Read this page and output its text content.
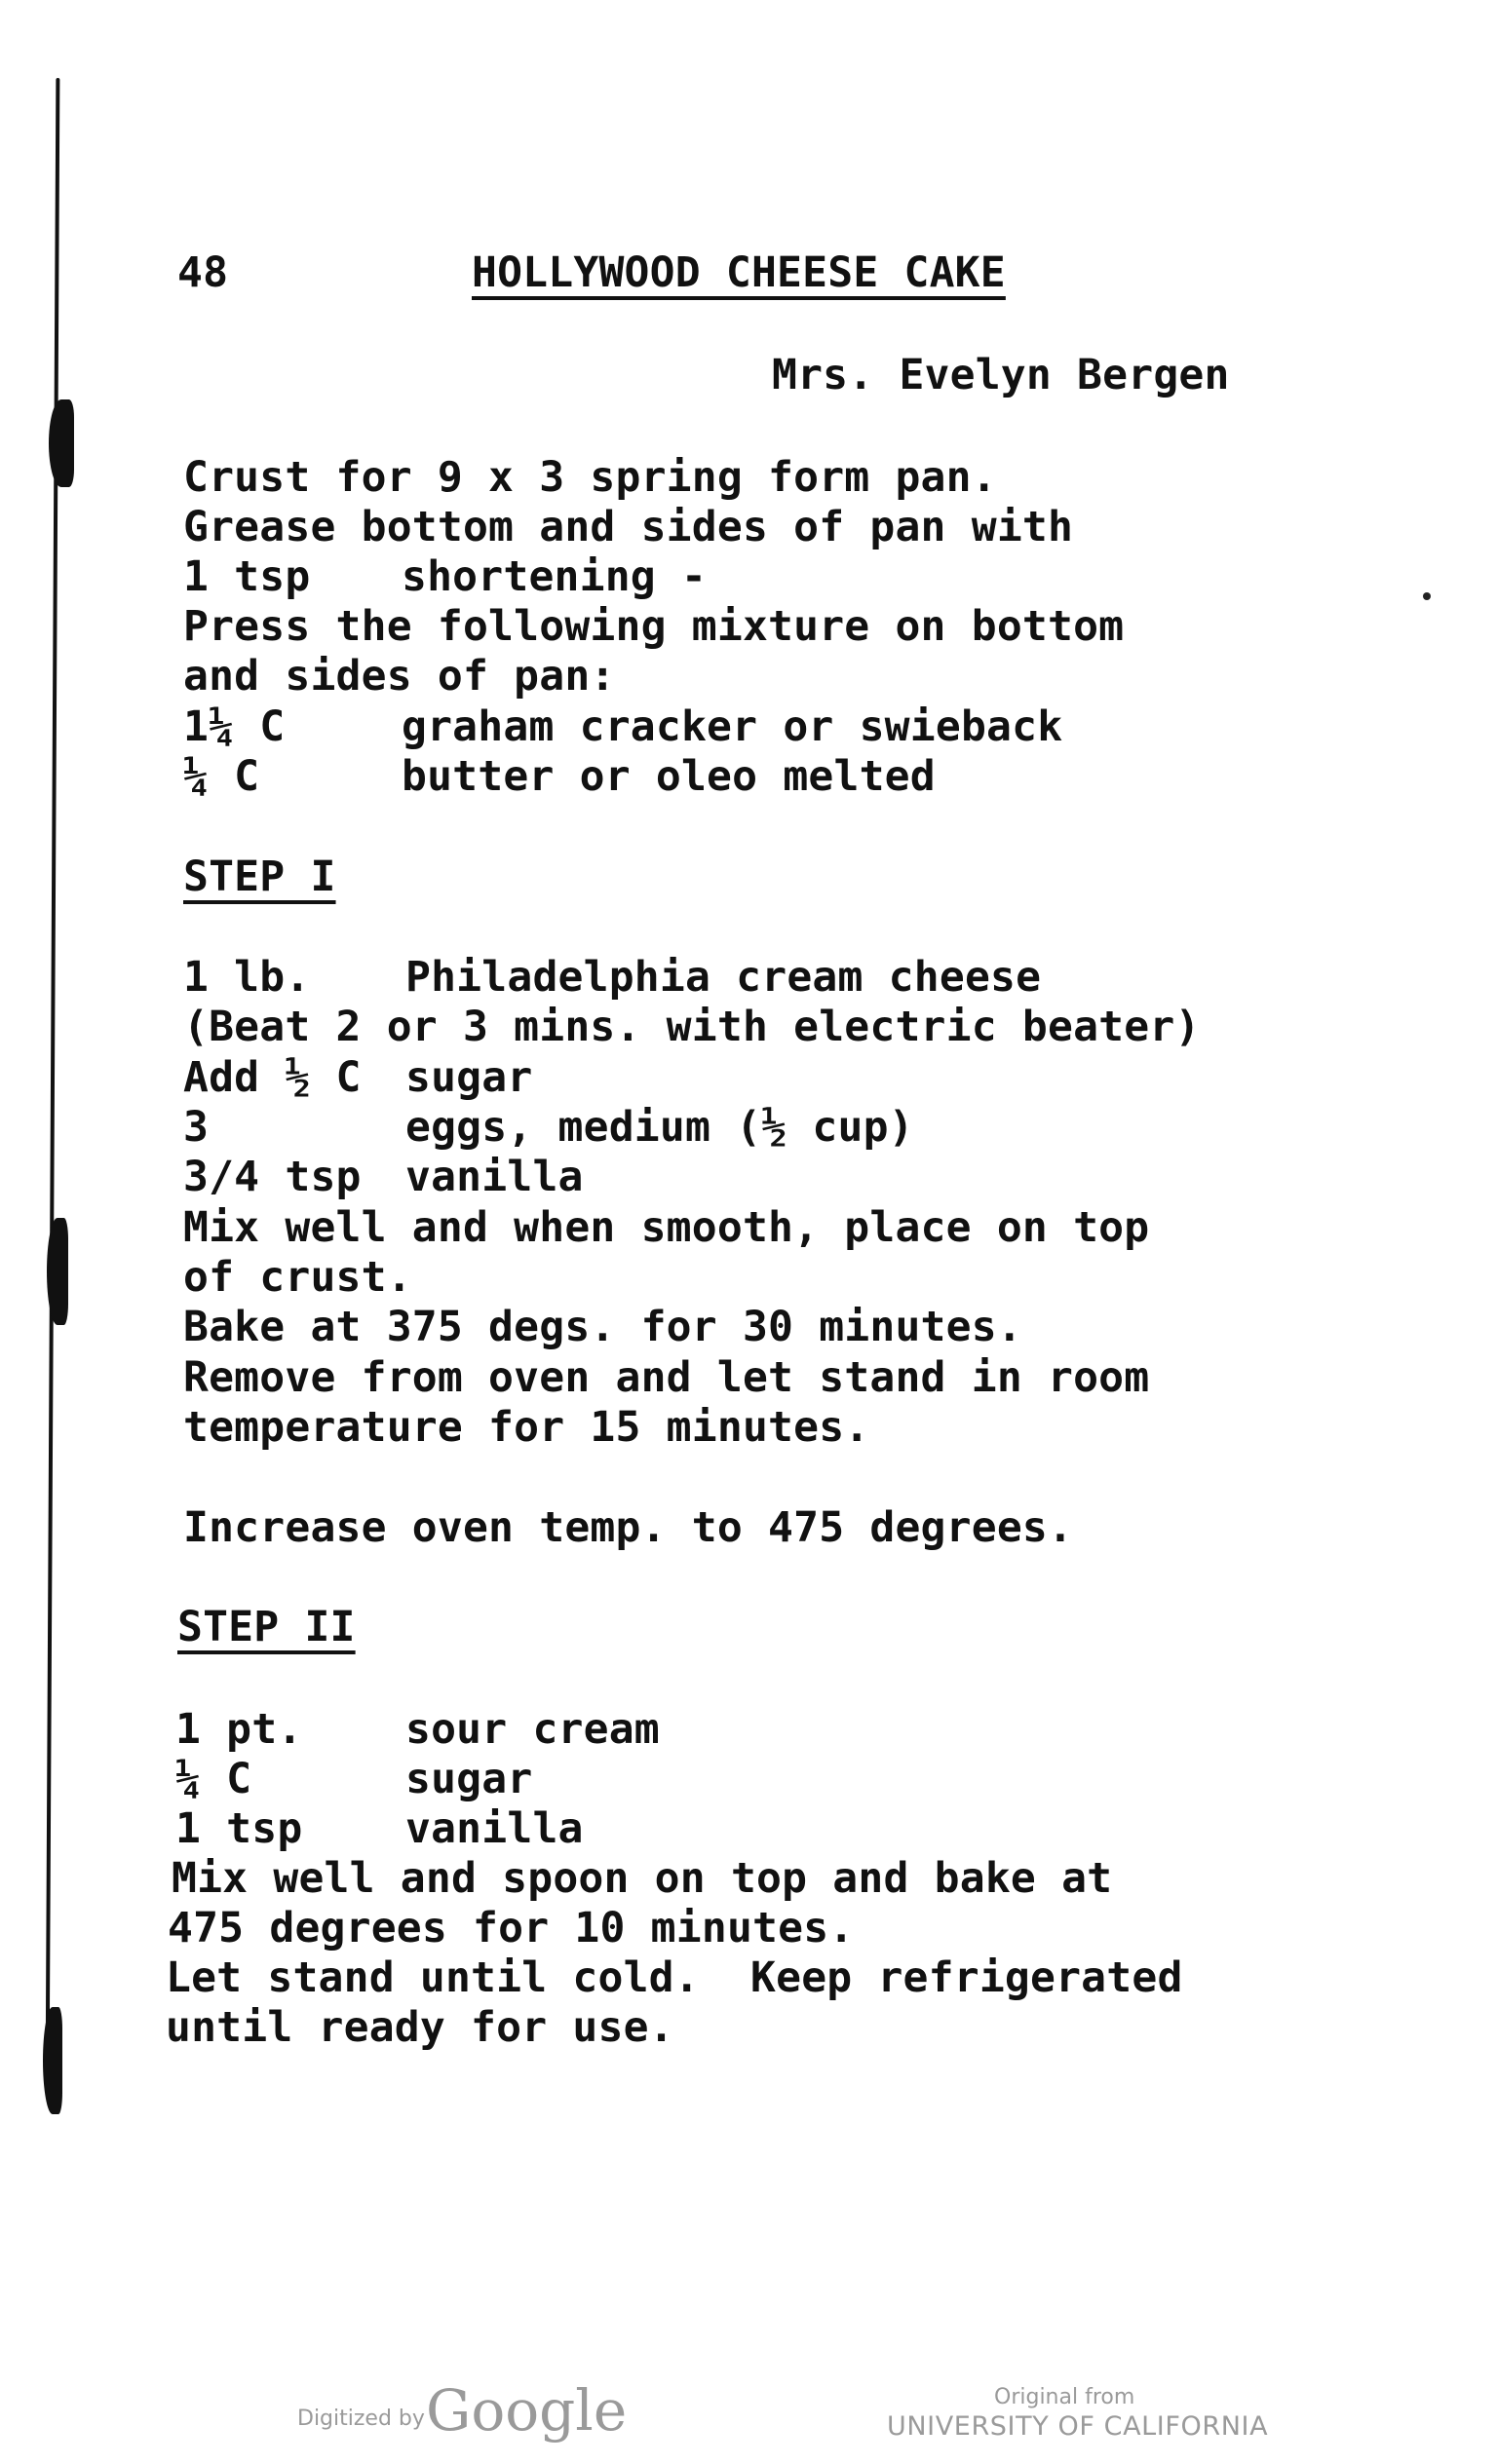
48	HOLLYWOOD CHEESE CAKE
Mrs. Evelyn Bergen
Crust for 9 x 3 spring form pan.
Grease bottom and sides of pan with
1 tsp shortening -
Press the following mixture on bottom
and sides of pan:
1¼ C	graham cracker or swieback
¼ C	butter or oleo melted
STEP I
1 lb. Philadelphia cream cheese
(Beat 2 or 3 mins. with electric beater)
Add ½ C sugar
3	eggs, medium (½ cup)
3/4 tsp vanilla
Mix well and when smooth, place on top
of crust.
Bake at 375 degs. for 30 minutes.
Remove from oven and let stand in room
temperature for 15 minutes.
Increase oven temp. to 475 degrees.
STEP II
1 pt. sour cream
¼ C	sugar
1 tsp vanilla
Mix well and spoon on top and bake at
475 degrees for 10 minutes.
Let stand until cold.  Keep refrigerated
until ready for use.
Digitized by Google	Original from
UNIVERSITY OF CALIFORNIA
